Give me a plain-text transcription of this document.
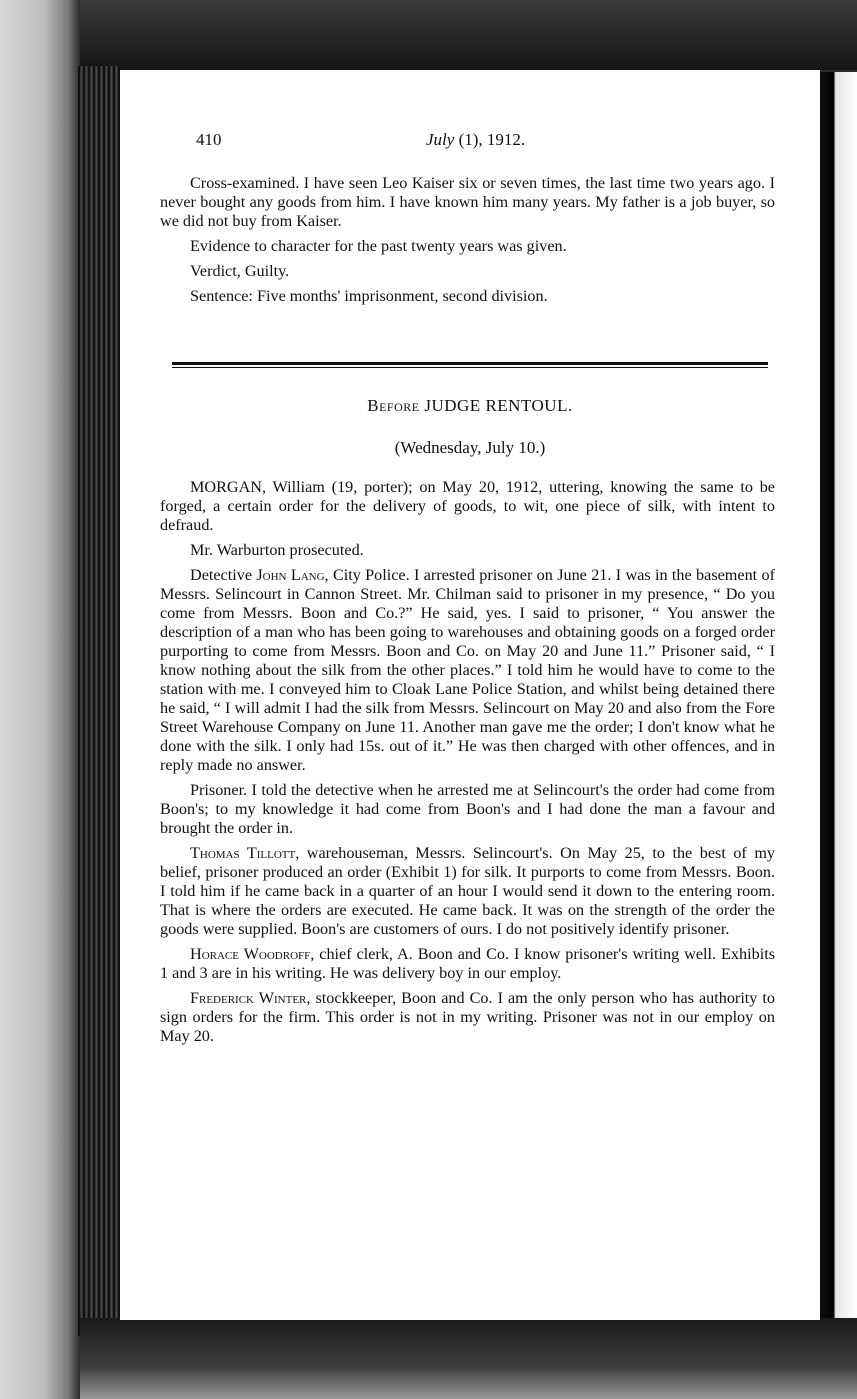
410	July (1), 1912.

Cross-examined. I have seen Leo Kaiser six or seven times, the last time two years ago. I never bought any goods from him. I have known him many years. My father is a job buyer, so we did not buy from Kaiser.

Evidence to character for the past twenty years was given.

Verdict, Guilty.

Sentence: Five months' imprisonment, second division.

Before JUDGE RENTOUL.
(Wednesday, July 10.)

MORGAN, William (19, porter); on May 20, 1912, uttering, knowing the same to be forged, a certain order for the delivery of goods, to wit, one piece of silk, with intent to defraud.

Mr. Warburton prosecuted.

Detective John Lang, City Police. I arrested prisoner on June 21. I was in the basement of Messrs. Selincourt in Cannon Street. Mr. Chilman said to prisoner in my presence, “ Do you come from Messrs. Boon and Co.?” He said, yes. I said to prisoner, “ You answer the description of a man who has been going to warehouses and obtaining goods on a forged order purporting to come from Messrs. Boon and Co. on May 20 and June 11.” Prisoner said, “ I know nothing about the silk from the other places.” I told him he would have to come to the station with me. I conveyed him to Cloak Lane Police Station, and whilst being detained there he said, “ I will admit I had the silk from Messrs. Selincourt on May 20 and also from the Fore Street Warehouse Company on June 11. Another man gave me the order; I don't know what he done with the silk. I only had 15s. out of it.” He was then charged with other offences, and in reply made no answer.

Prisoner. I told the detective when he arrested me at Selincourt's the order had come from Boon's; to my knowledge it had come from Boon's and I had done the man a favour and brought the order in.

Thomas Tillott, warehouseman, Messrs. Selincourt's. On May 25, to the best of my belief, prisoner produced an order (Exhibit 1) for silk. It purports to come from Messrs. Boon. I told him if he came back in a quarter of an hour I would send it down to the entering room. That is where the orders are executed. He came back. It was on the strength of the order the goods were supplied. Boon's are customers of ours. I do not positively identify prisoner.

Horace Woodroff, chief clerk, A. Boon and Co. I know prisoner's writing well. Exhibits 1 and 3 are in his writing. He was delivery boy in our employ.

Frederick Winter, stockkeeper, Boon and Co. I am the only person who has authority to sign orders for the firm. This order is not in my writing. Prisoner was not in our employ on May 20.
